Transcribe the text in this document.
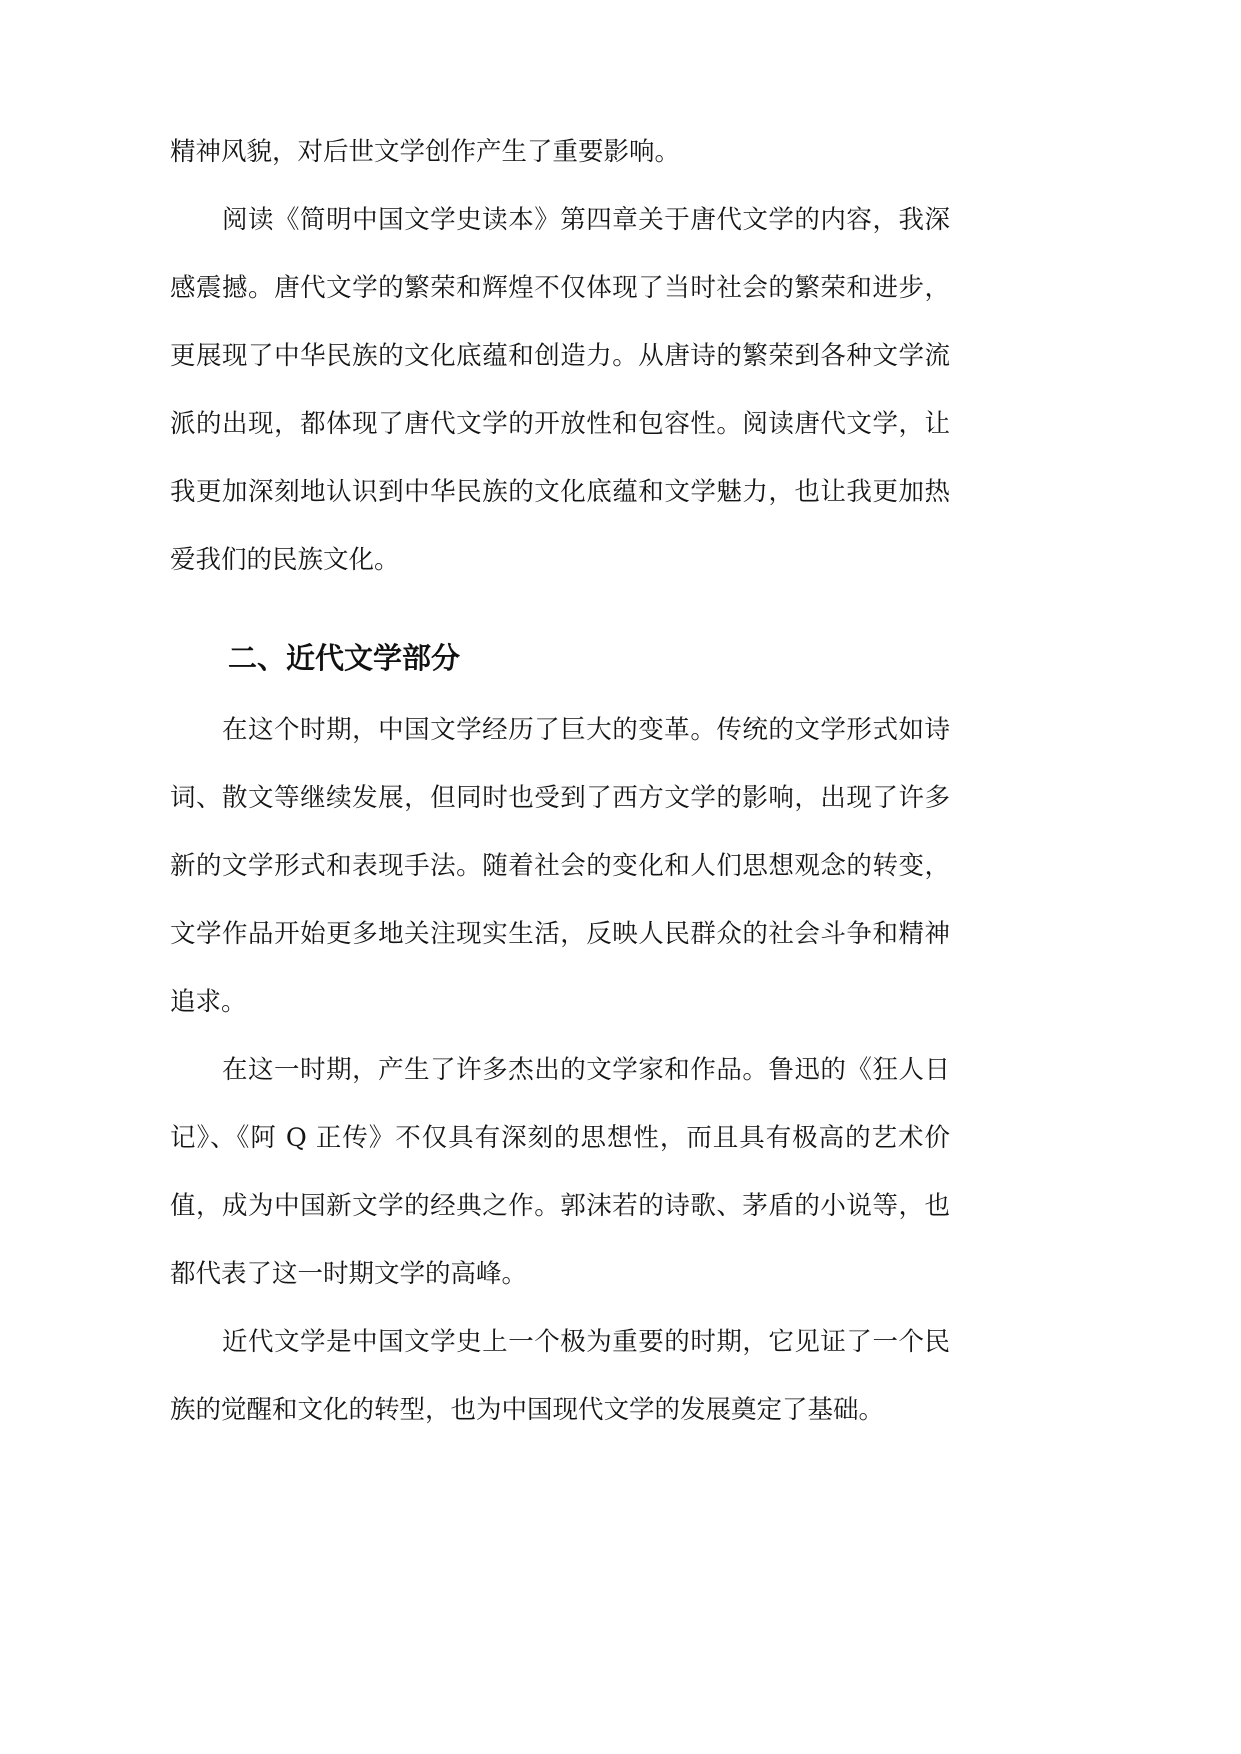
精神风貌，对后世文学创作产生了重要影响。
阅读《简明中国文学史读本》第四章关于唐代文学的内容，我深
感震撼。唐代文学的繁荣和辉煌不仅体现了当时社会的繁荣和进步，
更展现了中华民族的文化底蕴和创造力。从唐诗的繁荣到各种文学流
派的出现，都体现了唐代文学的开放性和包容性。阅读唐代文学，让
我更加深刻地认识到中华民族的文化底蕴和文学魅力，也让我更加热
爱我们的民族文化。
二、近代文学部分
在这个时期，中国文学经历了巨大的变革。传统的文学形式如诗
词、散文等继续发展，但同时也受到了西方文学的影响，出现了许多
新的文学形式和表现手法。随着社会的变化和人们思想观念的转变，
文学作品开始更多地关注现实生活，反映人民群众的社会斗争和精神
追求。
在这一时期，产生了许多杰出的文学家和作品。鲁迅的《狂人日
记》、《阿 Q 正传》不仅具有深刻的思想性，而且具有极高的艺术价
值，成为中国新文学的经典之作。郭沫若的诗歌、茅盾的小说等，也
都代表了这一时期文学的高峰。
近代文学是中国文学史上一个极为重要的时期，它见证了一个民
族的觉醒和文化的转型，也为中国现代文学的发展奠定了基础。
